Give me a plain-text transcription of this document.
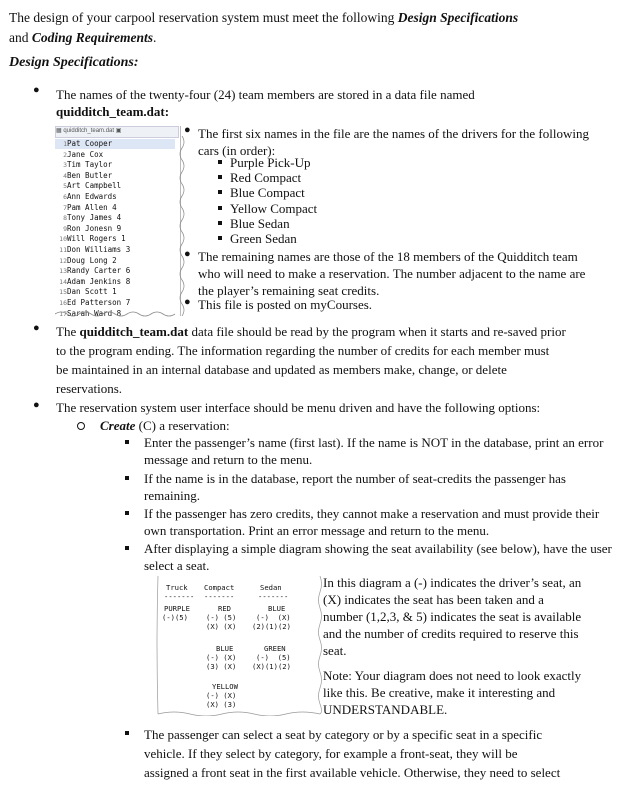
The design of your carpool reservation system must meet the following Design Specifications
and Coding Requirements.
Design Specifications:
● The names of the twenty-four (24) team members are stored in a data file named
quidditch_team.dat:
▦ quidditch_team.dat ▣
1Pat Cooper
2Jane Cox
3Tim Taylor
4Ben Butler
5Art Campbell
6Ann Edwards
7Pam Allen 4
8Tony James 4
9Ron Jonesn 9
10Will Rogers 1
11Don Williams 3
12Doug Long 2
13Randy Carter 6
14Adam Jenkins 8
15Dan Scott 1
16Ed Patterson 7
17Sarah Ward 8
● The first six names in the file are the names of the drivers for the following
cars (in order):
Purple Pick-Up
Red Compact
Blue Compact
Yellow Compact
Blue Sedan
Green Sedan
● The remaining names are those of the 18 members of the Quidditch team
who will need to make a reservation. The number adjacent to the name are
the player’s remaining seat credits.
● This file is posted on myCourses.
● The quidditch_team.dat data file should be read by the program when it starts and re-saved prior
to the program ending. The information regarding the number of credits for each member must
be maintained in an internal database and updated as members make, change, or delete
reservations.
● The reservation system user interface should be menu driven and have the following options:
Create (C) a reservation:
Enter the passenger’s name (first last). If the name is NOT in the database, print an error
message and return to the menu.
If the name is in the database, report the number of seat-credits the passenger has
remaining.
If the passenger has zero credits, they cannot make a reservation and must provide their
own transportation. Print an error message and return to the menu.
After displaying a simple diagram showing the seat availability (see below), have the user
select a seat.
Truck Compact	Sedan
------- -------	-------
PURPLE
(-)(5)
RED
(-) (5)
(X) (X)
BLUE
(-)  (X)
(2)(1)(2)
BLUE
(-) (X)
(3) (X)
GREEN
(-)  (5)
(X)(1)(2)
YELLOW
(-) (X)
(X) (3)
In this diagram a (-) indicates the driver’s seat, an
(X) indicates the seat has been taken and a
number (1,2,3, & 5) indicates the seat is available
and the number of credits required to reserve this
seat.
Note: Your diagram does not need to look exactly
like this. Be creative, make it interesting and
UNDERSTANDABLE.
The passenger can select a seat by category or by a specific seat in a specific
vehicle. If they select by category, for example a front-seat, they will be
assigned a front seat in the first available vehicle. Otherwise, they need to select
